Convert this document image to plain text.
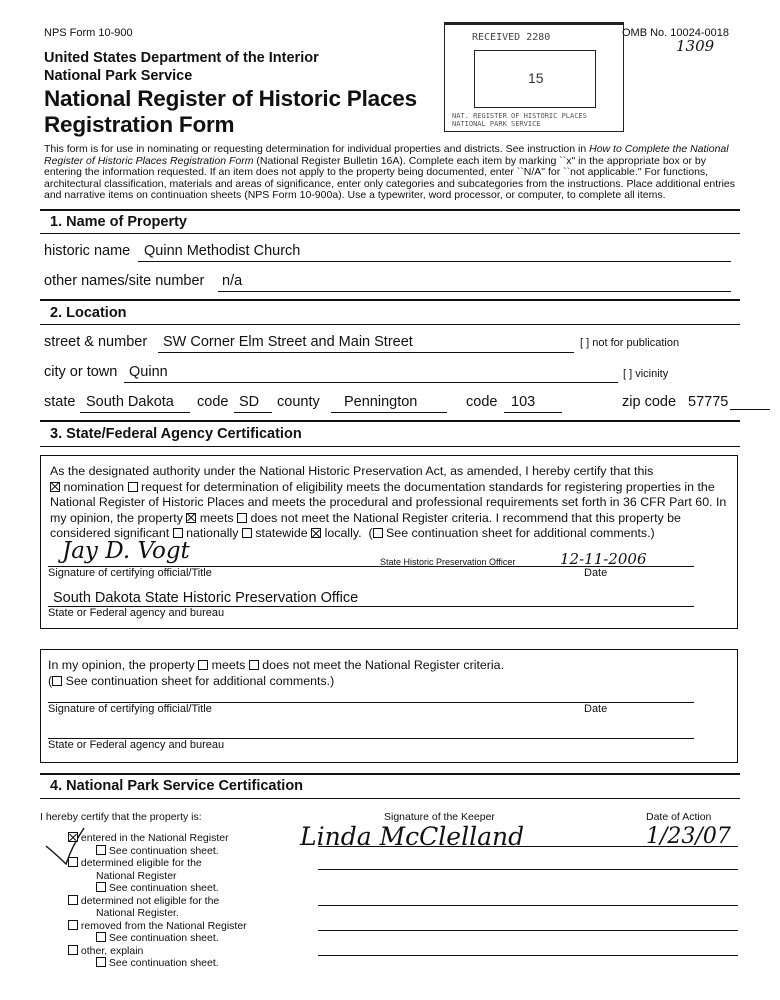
NPS Form 10-900	OMB No. 10024-0018
1309
RECEIVED 2280
15
NAT. REGISTER OF HISTORIC PLACES NATIONAL PARK SERVICE
United States Department of the Interior
National Park Service
National Register of Historic Places
Registration Form
This form is for use in nominating or requesting determination for individual properties and districts. See instruction in How to Complete the National Register of Historic Places Registration Form (National Register Bulletin 16A). Complete each item by marking ``x" in the appropriate box or by entering the information requested. If an item does not apply to the property being documented, enter ``N/A" for ``not applicable." For functions, architectural classification, materials and areas of significance, enter only categories and subcategories from the instructions. Place additional entries and narrative items on continuation sheets (NPS Form 10-900a). Use a typewriter, word processor, or computer, to complete all items.
1. Name of Property
historic name Quinn Methodist Church
other names/site number n/a
2. Location
street & number SW Corner Elm Street and Main Street	[ ] not for publication
city or town Quinn	[ ] vicinity
state South Dakota code SD county Pennington	code 103	zip code 57775
3. State/Federal Agency Certification
As the designated authority under the National Historic Preservation Act, as amended, I hereby certify that this
nomination request for determination of eligibility meets the documentation standards for registering properties in the National Register of Historic Places and meets the procedural and professional requirements set forth in 36 CFR Part 60. In my opinion, the property meets does not meet the National Register criteria. I recommend that this property be considered significant nationally statewide locally.  ( See continuation sheet for additional comments.)
Jay D. Vogt	State Historic Preservation Officer	12-11-2006
Signature of certifying official/Title	Date
South Dakota State Historic Preservation Office
State or Federal agency and bureau
In my opinion, the property meets does not meet the National Register criteria.
( See continuation sheet for additional comments.)
Signature of certifying official/Title	Date
State or Federal agency and bureau
4. National Park Service Certification
I hereby certify that the property is:	Signature of the Keeper	Date of Action
Linda McClelland	1/23/07
entered in the National Register
See continuation sheet.
determined eligible for the
National Register
See continuation sheet.
determined not eligible for the
National Register.
removed from the National Register
See continuation sheet.
other, explain
See continuation sheet.
